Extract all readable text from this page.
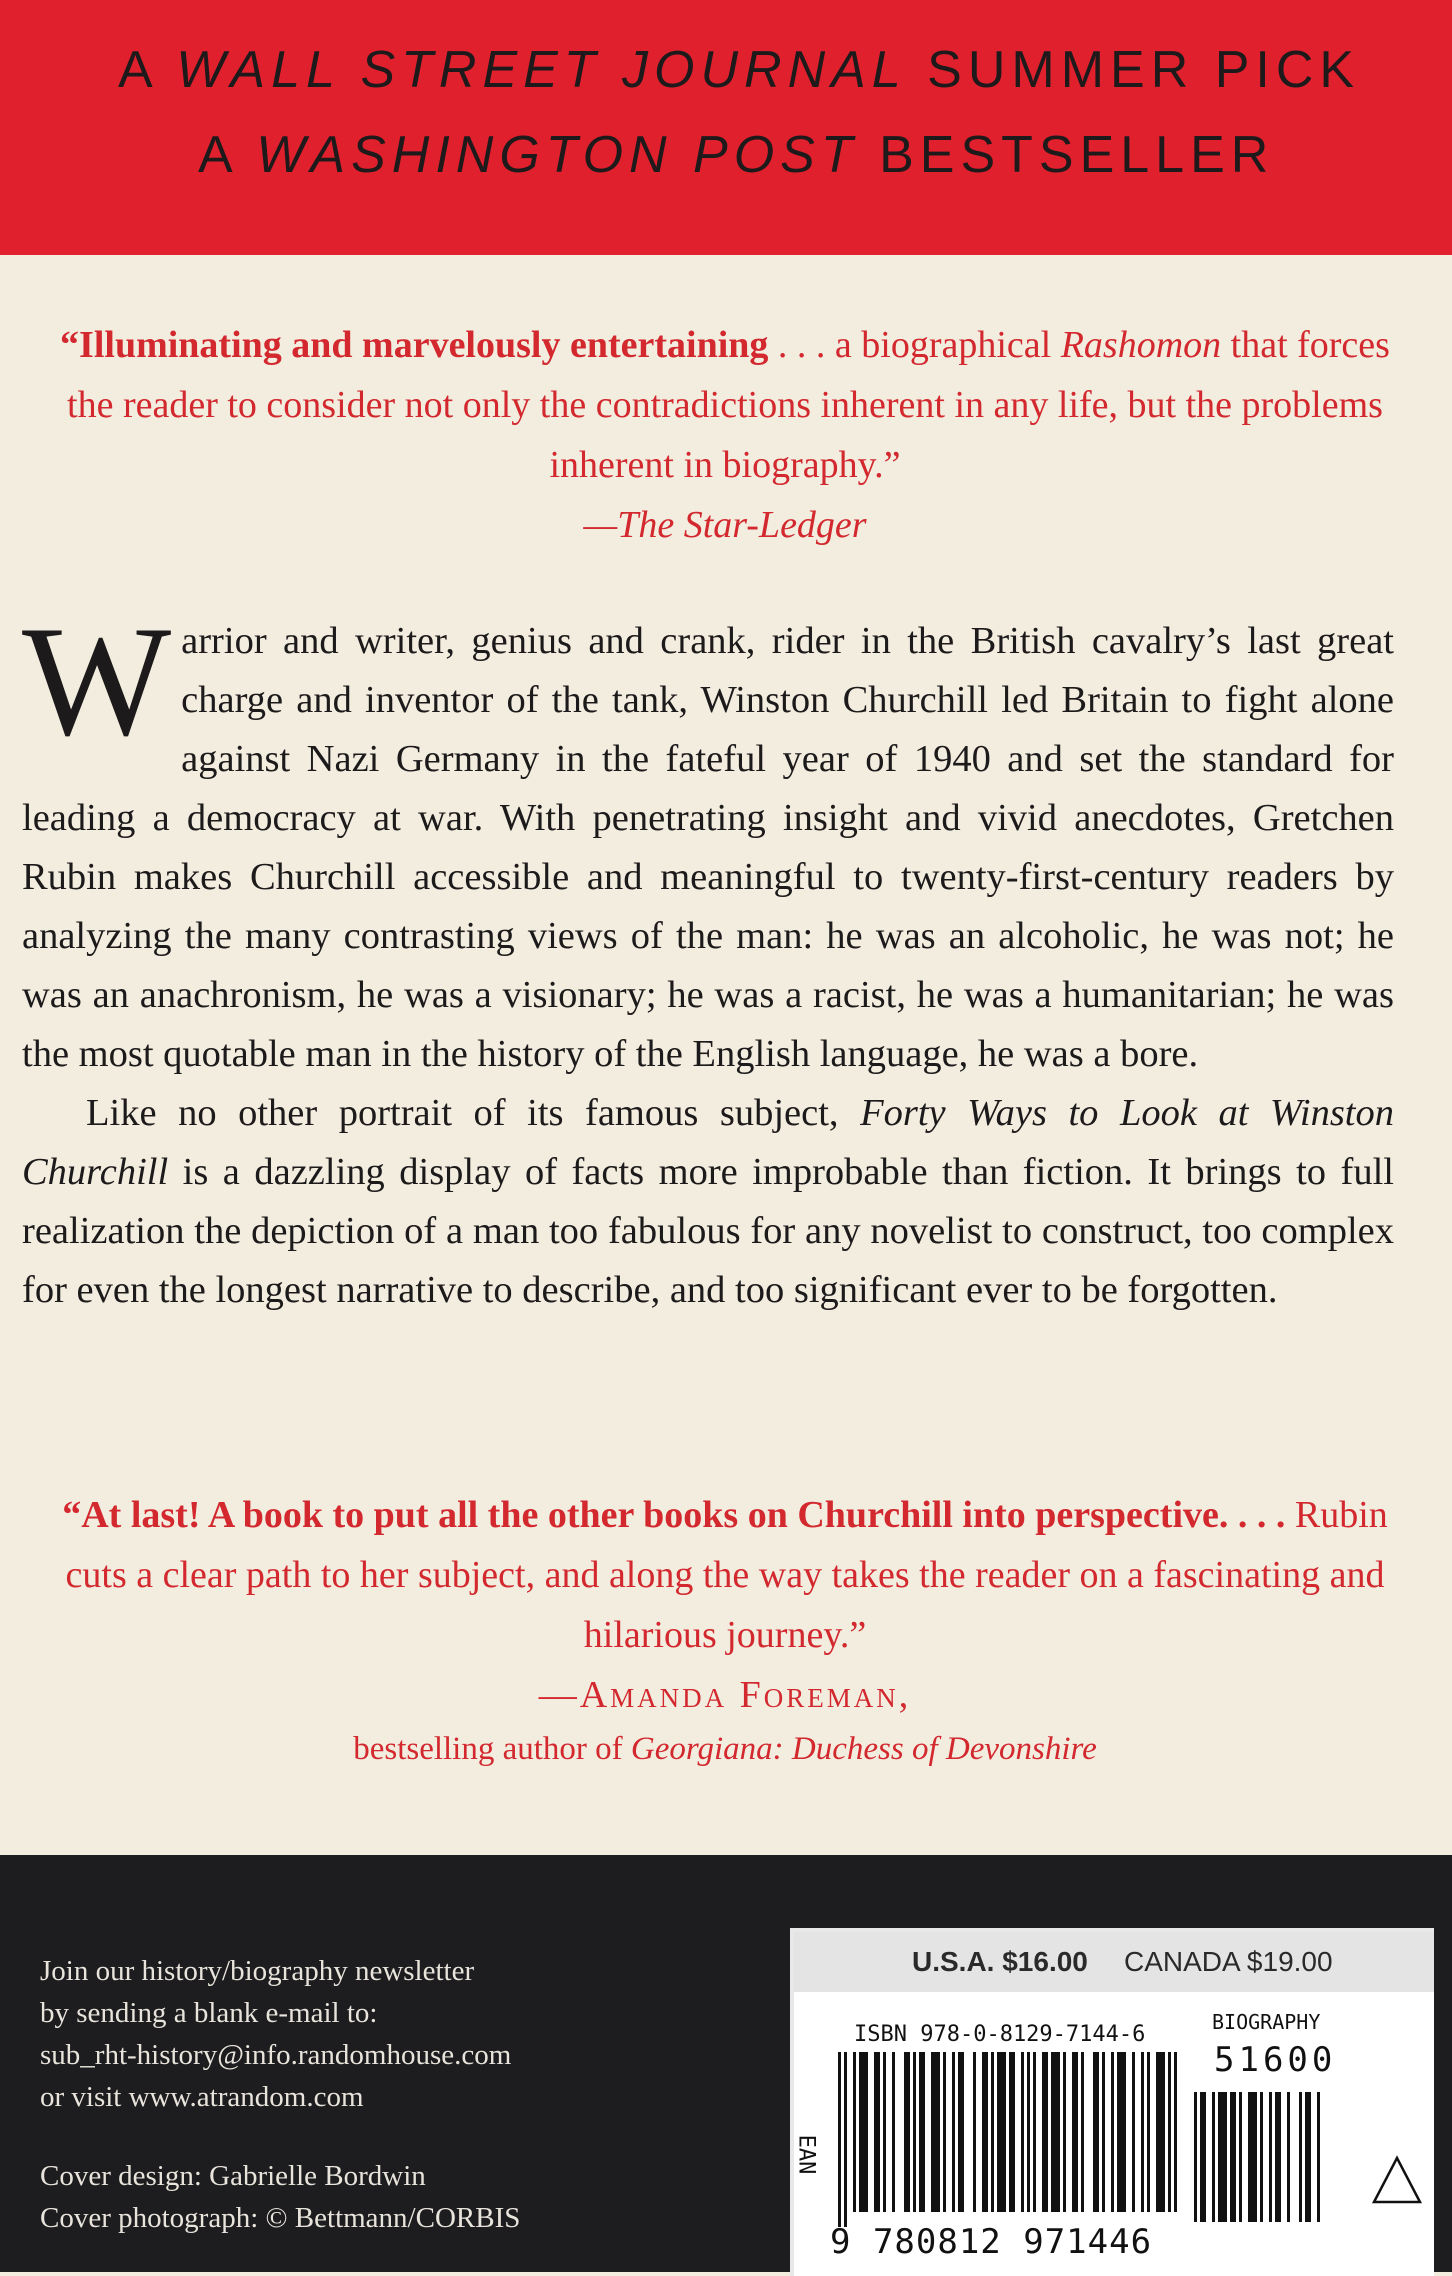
A WALL STREET JOURNAL SUMMER PICK
A WASHINGTON POST BESTSELLER
“Illuminating and marvelously entertaining . . . a biographical Rashomon that forces the reader to consider not only the contradictions inherent in any life, but the problems inherent in biography.”
—The Star-Ledger

Warrior and writer, genius and crank, rider in the British cavalry’s last great charge and inventor of the tank, Winston Churchill led Britain to fight alone against Nazi Germany in the fateful year of 1940 and set the standard for leading a democracy at war. With penetrating insight and vivid anecdotes, Gretchen Rubin makes Churchill accessible and meaningful to twenty-first-century readers by analyzing the many contrasting views of the man: he was an alcoholic, he was not; he was an anachronism, he was a visionary; he was a racist, he was a humanitarian; he was the most quotable man in the history of the English language, he was a bore.

Like no other portrait of its famous subject, Forty Ways to Look at Winston Churchill is a dazzling display of facts more improbable than fiction. It brings to full realization the depiction of a man too fabulous for any novelist to construct, too complex for even the longest narrative to describe, and too significant ever to be forgotten.

“At last! A book to put all the other books on Churchill into perspective. . . . Rubin cuts a clear path to her subject, and along the way takes the reader on a fascinating and hilarious journey.”
—Amanda Foreman,
bestselling author of Georgiana: Duchess of Devonshire
Join our history/biography newsletter
by sending a blank e-mail to:
sub_rht-history@info.randomhouse.com
or visit www.atrandom.com
Cover design: Gabrielle Bordwin
Cover photograph: © Bettmann/CORBIS
U.S.A. $16.00 CANADA $19.00
ISBN 978-0-8129-7144-6	BIOGRAPHY
51600
EAN
9 780812 971446
